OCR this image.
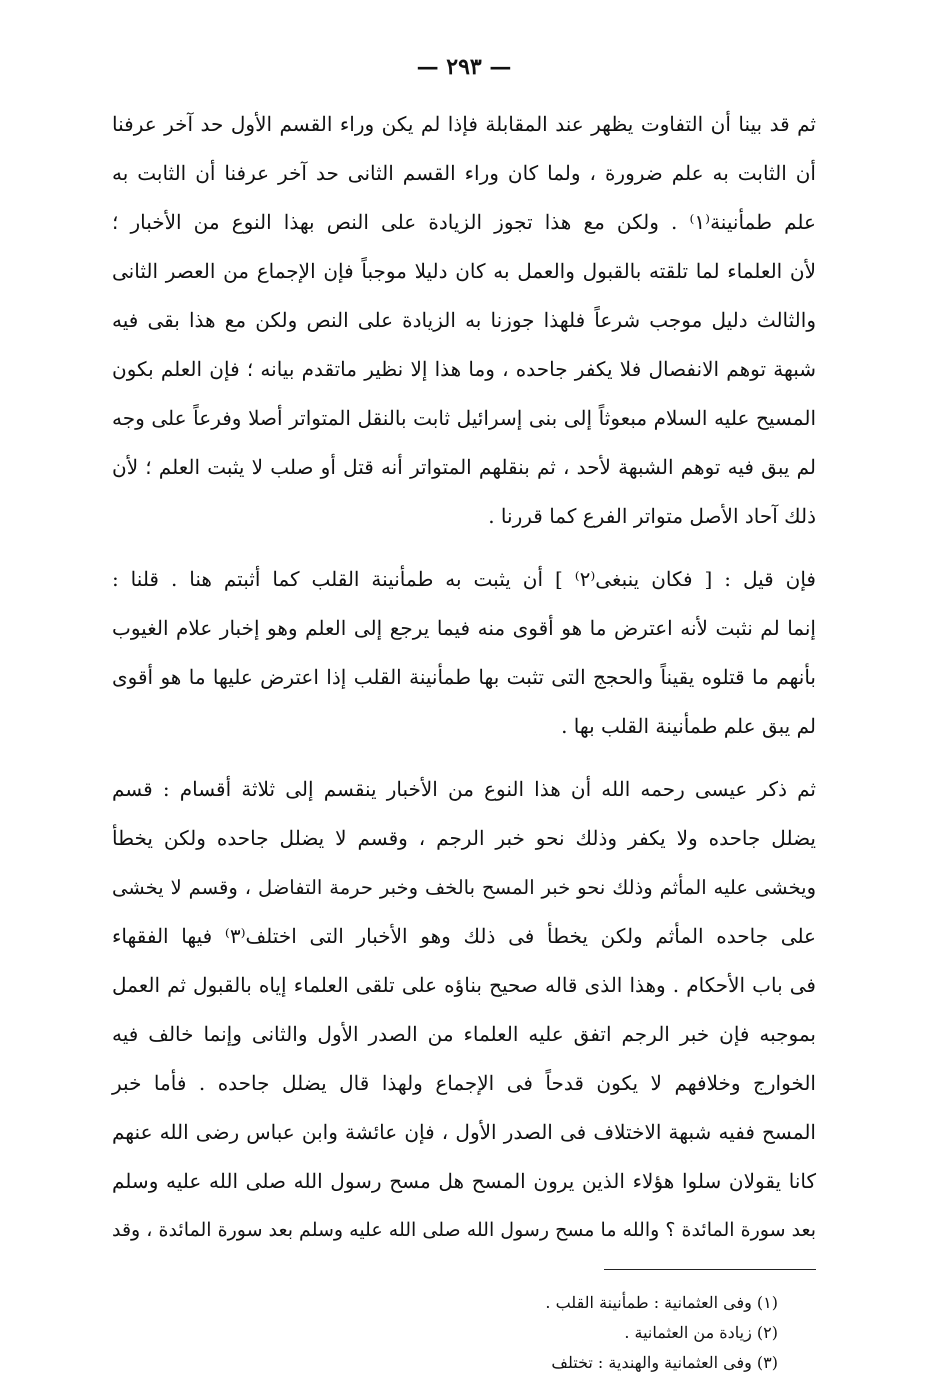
— ٢٩٣ —
ثم قد بينا أن التفاوت يظهر عند المقابلة فإذا لم يكن وراء القسم الأول حد آخر عرفنا
أن الثابت به علم ضرورة ، ولما كان وراء القسم الثانى حد آخر عرفنا أن الثابت به
علم طمأنينة⁽١⁾ . ولكن مع هذا تجوز الزيادة على النص بهذا النوع من الأخبار ؛
لأن العلماء لما تلقته بالقبول والعمل به كان دليلا موجباً فإن الإجماع من العصر الثانى
والثالث دليل موجب شرعاً فلهذا جوزنا به الزيادة على النص ولكن مع هذا بقى فيه
شبهة توهم الانفصال فلا يكفر جاحده ، وما هذا إلا نظير ماتقدم بيانه ؛ فإن العلم بكون
المسيح عليه السلام مبعوثاً إلى بنى إسرائيل ثابت بالنقل المتواتر أصلا وفرعاً على وجه
لم يبق فيه توهم الشبهة لأحد ، ثم بنقلهم المتواتر أنه قتل أو صلب لا يثبت العلم ؛ لأن
ذلك آحاد الأصل متواتر الفرع كما قررنا .
فإن قيل : [ فكان ينبغى⁽٢⁾ ] أن يثبت به طمأنينة القلب كما أثبتم هنا . قلنا :
إنما لم نثبت لأنه اعترض ما هو أقوى منه فيما يرجع إلى العلم وهو إخبار علام الغيوب
بأنهم ما قتلوه يقيناً والحجج التى تثبت بها طمأنينة القلب إذا اعترض عليها ما هو أقوى
لم يبق علم طمأنينة القلب بها .
ثم ذكر عيسى رحمه الله أن هذا النوع من الأخبار ينقسم إلى ثلاثة أقسام : قسم
يضلل جاحده ولا يكفر وذلك نحو خبر الرجم ، وقسم لا يضلل جاحده ولكن يخطأ
ويخشى عليه المأثم وذلك نحو خبر المسح بالخف وخبر حرمة التفاضل ، وقسم لا يخشى
على جاحده المأثم ولكن يخطأ فى ذلك وهو الأخبار التى اختلف⁽٣⁾ فيها الفقهاء
فى باب الأحكام . وهذا الذى قاله صحيح بناؤه على تلقى العلماء إياه بالقبول ثم العمل
بموجبه فإن خبر الرجم اتفق عليه العلماء من الصدر الأول والثانى وإنما خالف فيه
الخوارج وخلافهم لا يكون قدحاً فى الإجماع ولهذا قال يضلل جاحده . فأما خبر
المسح ففيه شبهة الاختلاف فى الصدر الأول ، فإن عائشة وابن عباس رضى الله عنهم
كانا يقولان سلوا هؤلاء الذين يرون المسح هل مسح رسول الله صلى الله عليه وسلم
بعد سورة المائدة ؟ والله ما مسح رسول الله صلى الله عليه وسلم بعد سورة المائدة ، وقد
(١) وفى العثمانية : طمأنينة القلب .
(٢) زيادة من العثمانية .
(٣) وفى العثمانية والهندية : تختلف
